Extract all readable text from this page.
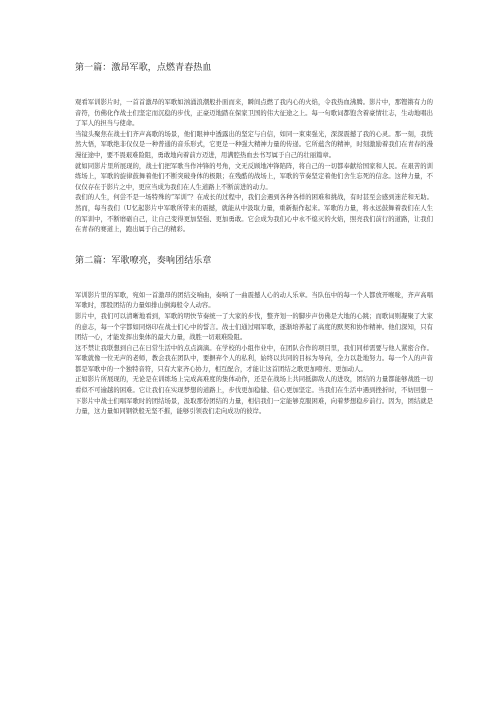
第一篇：激昂军歌，点燃青春热血

观看军训影片时，一首首激昂的军歌如汹涌浪潮般扑面而来，瞬间点燃了我内心的火焰，令我热血沸腾。影片中，那铿锵有力的音符，仿佛化作战士们坚定而沉稳的步伐，正豪迈地踏在保家卫国的伟大征途之上。每一句歌词都饱含着豪情壮志，生动地唱出了军人的担当与使命。

当镜头聚焦在战士们齐声高歌的场景，他们眼神中透露出的坚定与自信，如同一束束强光，深深震撼了我的心灵。那一刻，我恍然大悟，军歌绝非仅仅是一种普通的音乐形式，它更是一种强大精神力量的传递。它所蕴含的精神，时刻激励着我们在青春的漫漫征途中，要不畏艰难险阻，勇敢地向着前方迈进，用满腔热血去书写属于自己的壮丽篇章。

就如同影片里所展现的，战士们把军歌当作冲锋的号角，文无反顾地冲锋陷阵，将自己的一切都奉献给国家和人民。在艰苦的训练场上，军歌的旋律鼓舞着他们不断突破身体的极限；在残酷的战场上，军歌的节奏坚定着他们舍生忘死的信念。这种力量，不仅仅存在于影片之中，更应当成为我们在人生道路上不断前进的动力。

我们的人生，何尝不是一场特殊的“军训”？在成长的过程中，我们会遇到各种各样的困难和挑战，有时甚至会感到迷茫和无助。然而，每当我们（U忆起影片中军歌所带来的震撼，就能从中汲取力量，重新振作起来。军歌的力量，将永远鼓舞着我们在人生的军训中，不断磨砺自己，让自己变得更加坚强、更加勇敢。它会成为我们心中永不熄灭的火焰，照亮我们前行的道路，让我们在青春的赛道上，跑出属于自己的精彩。

第二篇：军歌嘹亮，奏响团结乐章

军训影片里的军歌，宛如一首激昂的团结交响曲，奏响了一曲震撼人心的动人乐章。当队伍中的每一个人都放开喉咙，齐声高唱军歌时，那股团结的力量如排山倒海般令人动容。

影片中，我们可以清晰地看到，军歌的明快节奏统一了大家的步伐，整齐划一的脚步声仿佛是大地的心跳；而歌词则凝聚了大家的意志，每一个字都如同烙印在战士们心中的誓言。战士们通过唱军歌，逐渐培养起了高度的默契和协作精神。他们深知，只有团结一心，才能发挥出集体的最大力量，战胜一切艰难险阻。

这不禁让我联想到自己在日常生活中的点点滴滴。在学校的小组作业中，在团队合作的项目里，我们同样需要与他人紧密合作。军歌就像一位无声的老师，教会我在团队中，要摒弃个人的私利，始终以共同的目标为导向，全力以赴地努力。每一个人的声音都是军歌中的一个独特音符，只有大家齐心协力，相互配合，才能让这首团结之歌更加嘹亮、更加动人。

正如影片所展现的，无论是在训练场上完成高难度的集体动作，还是在战场上共同抵御敌人的进攻，团结的力量都能够战胜一切看似不可逾越的困难。它让我们在实现梦想的道路上，步伐更加稳健、信心更加坚定。当我们在生活中遇到挫折时，不妨回想一下影片中战士们唱军歌时的团结场景，汲取那份团结的力量，相信我们一定能够克服困难，向着梦想稳步前行。因为，团结就是力量，这力量如同钢铁般无坚不摧，能够引领我们走向成功的彼岸。
